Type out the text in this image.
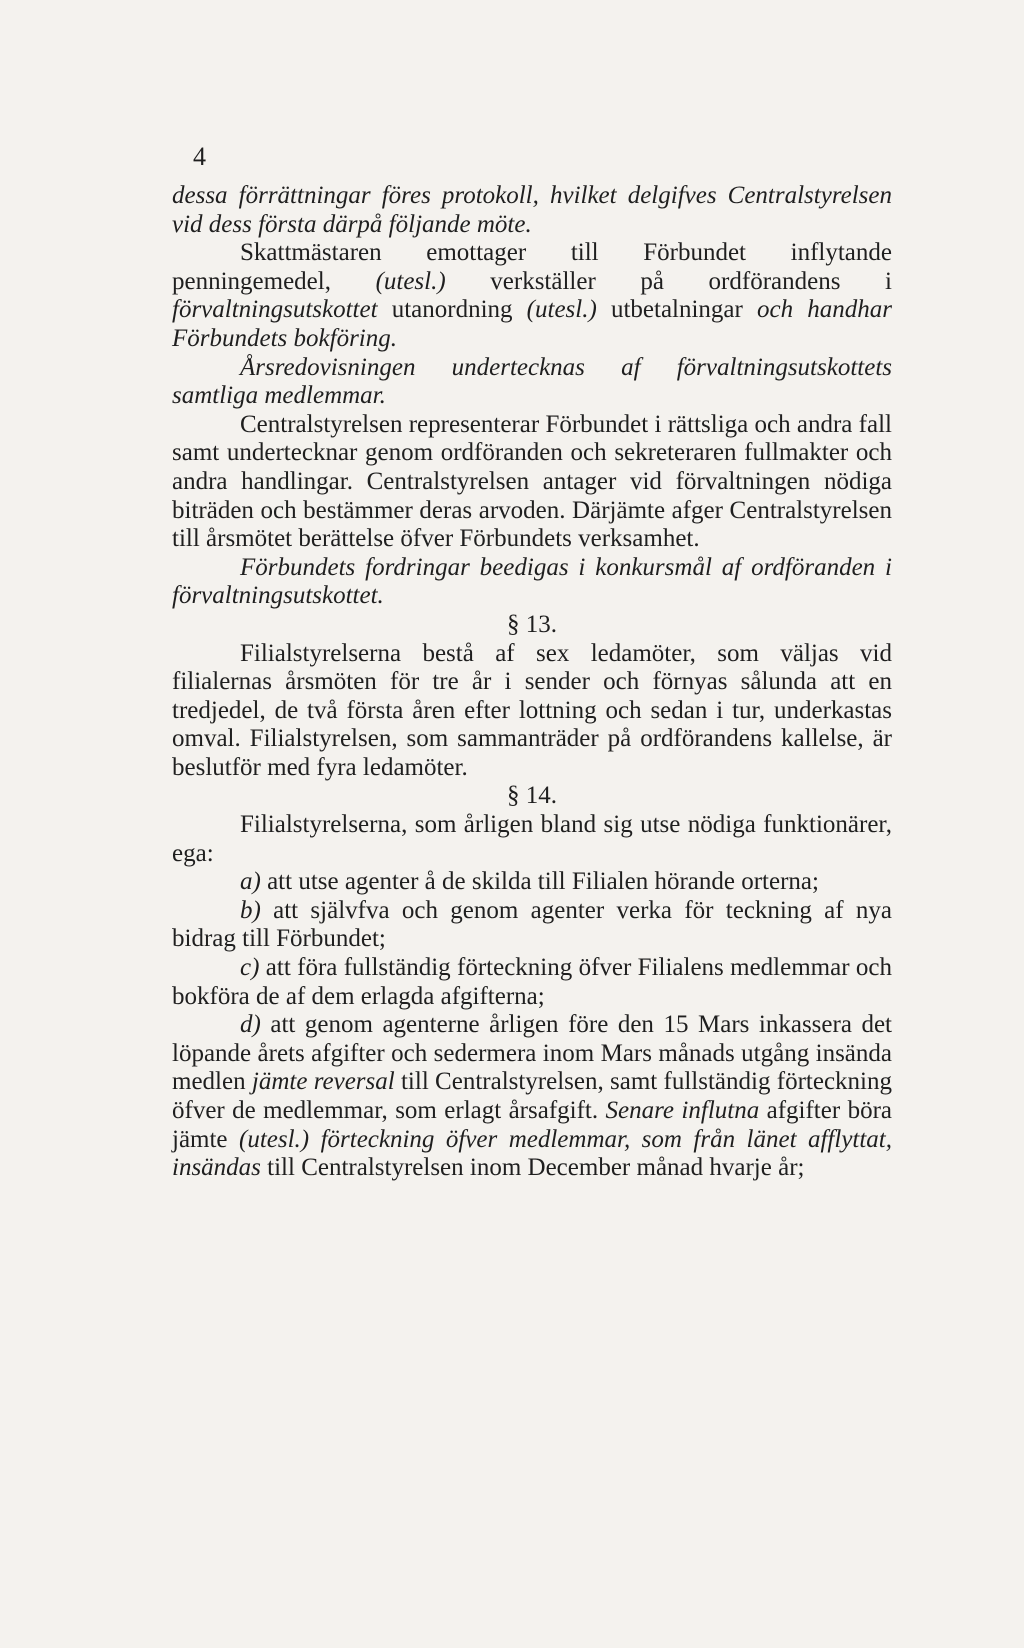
4

dessa förrättningar föres protokoll, hvilket delgifves Centralstyrelsen vid dess första därpå följande möte.

Skattmästaren emottager till Förbundet inflytande penningemedel, (utesl.) verkställer på ordförandens i förvaltningsutskottet utanordning (utesl.) utbetalningar och handhar Förbundets bokföring.

Årsredovisningen undertecknas af förvaltningsutskottets samtliga medlemmar.

Centralstyrelsen representerar Förbundet i rättsliga och andra fall samt undertecknar genom ordföranden och sekreteraren fullmakter och andra handlingar. Centralstyrelsen antager vid förvaltningen nödiga biträden och bestämmer deras arvoden. Därjämte afger Centralstyrelsen till årsmötet berättelse öfver Förbundets verksamhet.

Förbundets fordringar beedigas i konkursmål af ordföranden i förvaltningsutskottet.

§ 13.

Filialstyrelserna bestå af sex ledamöter, som väljas vid filialernas årsmöten för tre år i sender och förnyas sålunda att en tredjedel, de två första åren efter lottning och sedan i tur, underkastas omval. Filialstyrelsen, som sammanträder på ordförandens kallelse, är beslutför med fyra ledamöter.

§ 14.

Filialstyrelserna, som årligen bland sig utse nödiga funktionärer, ega:

a) att utse agenter å de skilda till Filialen hörande orterna;

b) att självfva och genom agenter verka för teckning af nya bidrag till Förbundet;

c) att föra fullständig förteckning öfver Filialens medlemmar och bokföra de af dem erlagda afgifterna;

d) att genom agenterne årligen före den 15 Mars inkassera det löpande årets afgifter och sedermera inom Mars månads utgång insända medlen jämte reversal till Centralstyrelsen, samt fullständig förteckning öfver de medlemmar, som erlagt årsafgift. Senare influtna afgifter böra jämte (utesl.) förteckning öfver medlemmar, som från länet afflyttat, insändas till Centralstyrelsen inom December månad hvarje år;
